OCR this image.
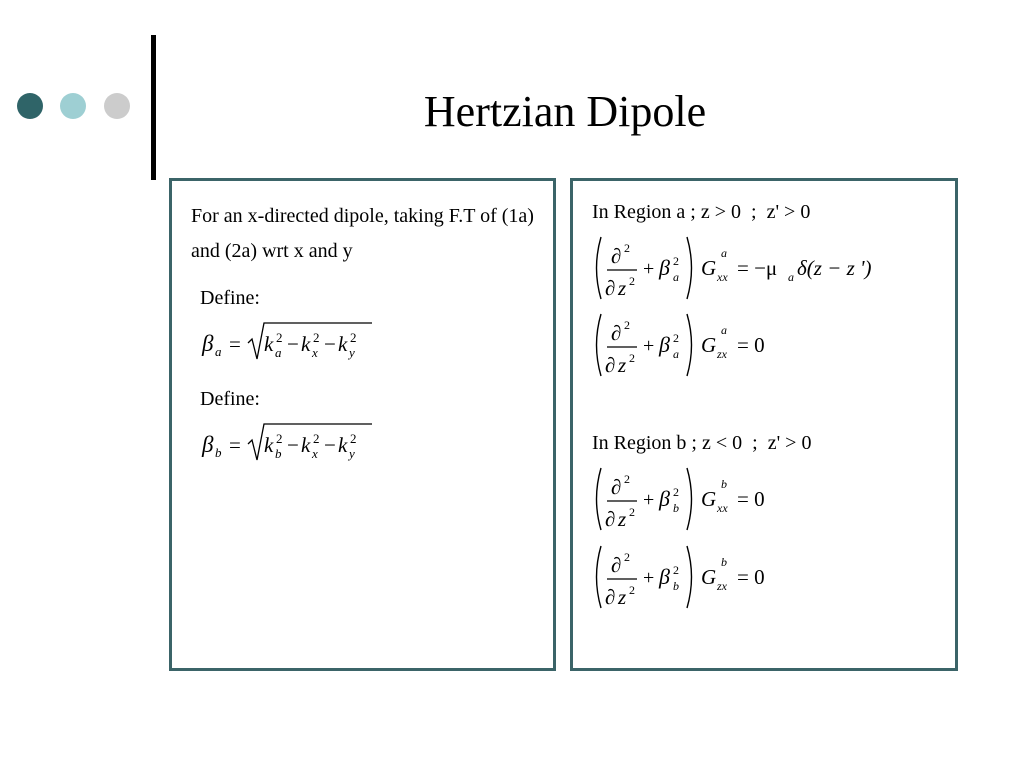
Hertzian Dipole
For an x-directed dipole, taking F.T of (1a) and (2a) wrt x and y
Define:
β a = k 2
a − k 2
x − k 2
y
Define:
β b = k 2
b − k 2
x − k 2
y
In Region a ; z > 0  ;  z' > 0
∂ 2
∂ z 2
+ β 2
a G
a
xx = −μ a δ(z − z ')
∂ 2
∂ z 2
+ β 2
a G
a
zx = 0
In Region b ; z < 0  ;  z' > 0
∂ 2
∂ z 2
+ β 2
b G
b
xx = 0
∂ 2
∂ z 2
+ β 2
b G
b
zx = 0
